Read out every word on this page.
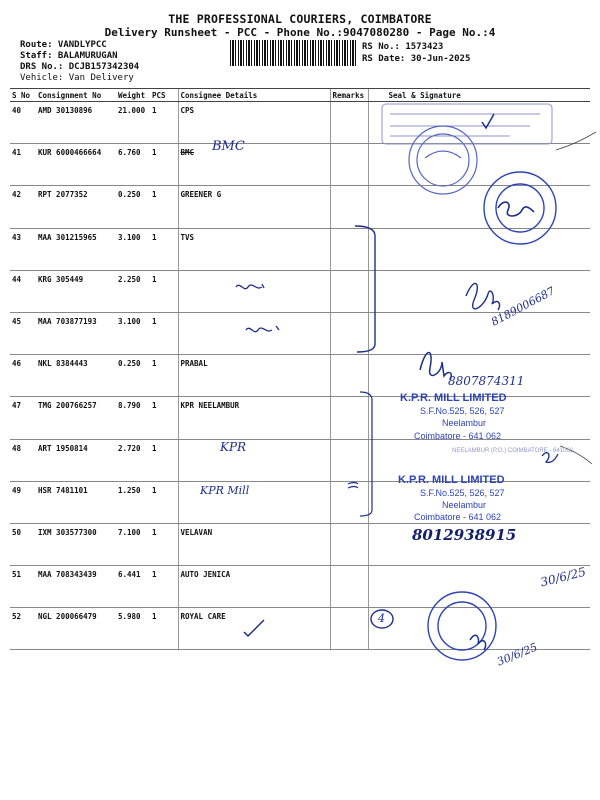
THE PROFESSIONAL COURIERS, COIMBATORE
Delivery Runsheet - PCC - Phone No.:9047080280 - Page No.:4
Route: VANDLYPCC
Staff: BALAMURUGAN
DRS No.: DCJB157342304
Vehicle: Van Delivery
RS No.: 1573423
RS Date: 30-Jun-2025
S No	Consignment No	Weight	PCS	Consignee Details	Remarks	Seal & Signature
40	AMD 30130896	21.000	1	CPS		
41	KUR 6000466664	6.760	1	BMC		
42	RPT 2077352	0.250	1	GREENER G		
43	MAA 301215965	3.100	1	TVS		
44	KRG 305449	2.250	1			
45	MAA 703877193	3.100	1			
46	NKL 8384443	0.250	1	PRABAL		
47	TMG 200766257	8.790	1	KPR NEELAMBUR		
48	ART 1950814	2.720	1			
49	HSR 7481101	1.250	1			
50	IXM 303577300	7.100	1	VELAVAN		
51	MAA 708343439	6.441	1	AUTO JENICA		
52	NGL 200066479	5.980	1	ROYAL CARE		
K.P.R. MILL LIMITED
S.F.No.525, 526, 527
Neelambur
Coimbatore - 641 062
NEELAMBUR (P.O.) COIMBATORE - 641062
K.P.R. MILL LIMITED
S.F.No.525, 526, 527
Neelambur
Coimbatore - 641 062
BMC
KPR
KPR Mill
8189006687
8807874311
8012938915
30/6/25
30/6/25
4
